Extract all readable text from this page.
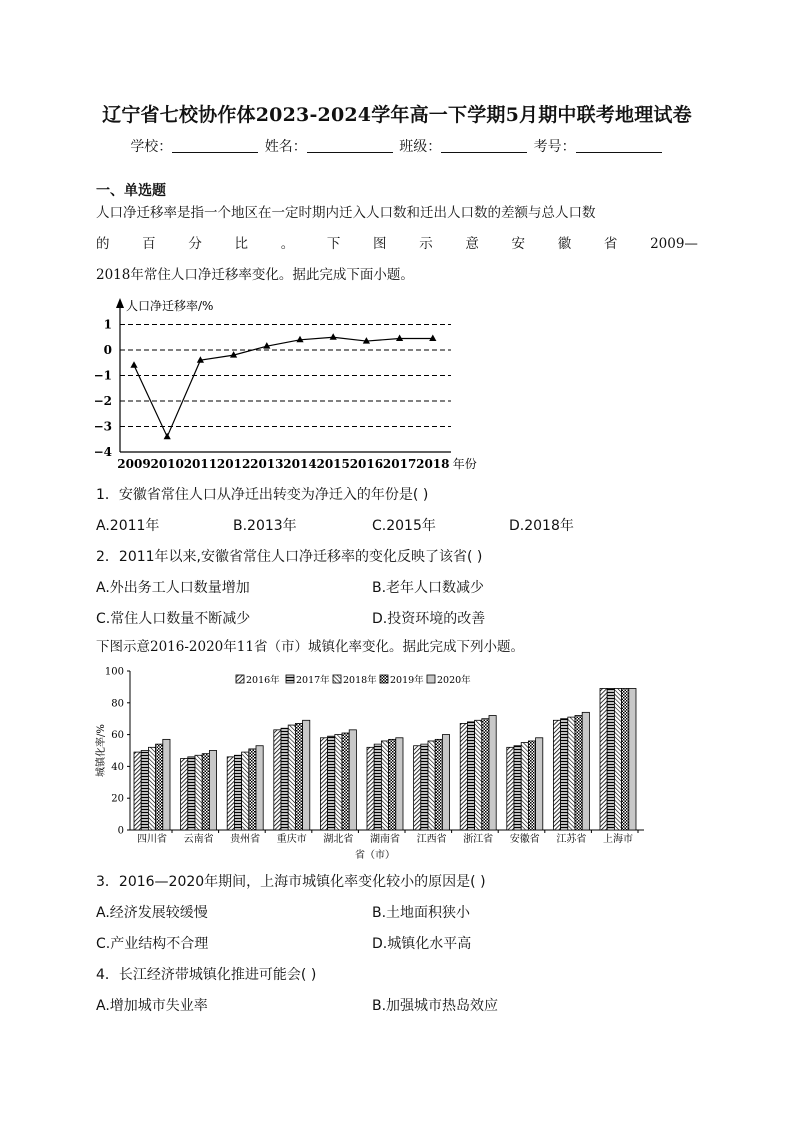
辽宁省七校协作体2023-2024学年高一下学期5月期中联考地理试卷
学校：	姓名：	班级：	考号：
一、单选题
人口净迁移率是指一个地区在一定时期内迁入人口数和迁出人口数的差额与总人口数
的 百 分 比 。 下 图 示 意 安 徽 省 2009—
2018年常住人口净迁移率变化。据此完成下面小题。
人口净迁移率/%
1
0
−1
−2
−3
−4
2009 2010 2011 2012 2013 2014 2015 2016 2017 2018 年份
1．安徽省常住人口从净迁出转变为净迁入的年份是( )
A.2011年	B.2013年	C.2015年	D.2018年
2．2011年以来,安徽省常住人口净迁移率的变化反映了该省( )
A.外出务工人口数量增加	B.老年人口数减少
C.常住人口数量不断减少	D.投资环境的改善
下图示意2016-2020年11省（市）城镇化率变化。据此完成下列小题。
100
80
60
40
20
0
城镇化率/%
四川省 云南省 贵州省 重庆市 湖北省 湖南省 江西省 浙江省 安徽省 江苏省 上海市
省（市）
2016年 2017年 2018年 2019年 2020年
3．2016—2020年期间，上海市城镇化率变化较小的原因是( )
A.经济发展较缓慢	B.土地面积狭小
C.产业结构不合理	D.城镇化水平高
4．长江经济带城镇化推进可能会( )
A.增加城市失业率	B.加强城市热岛效应
